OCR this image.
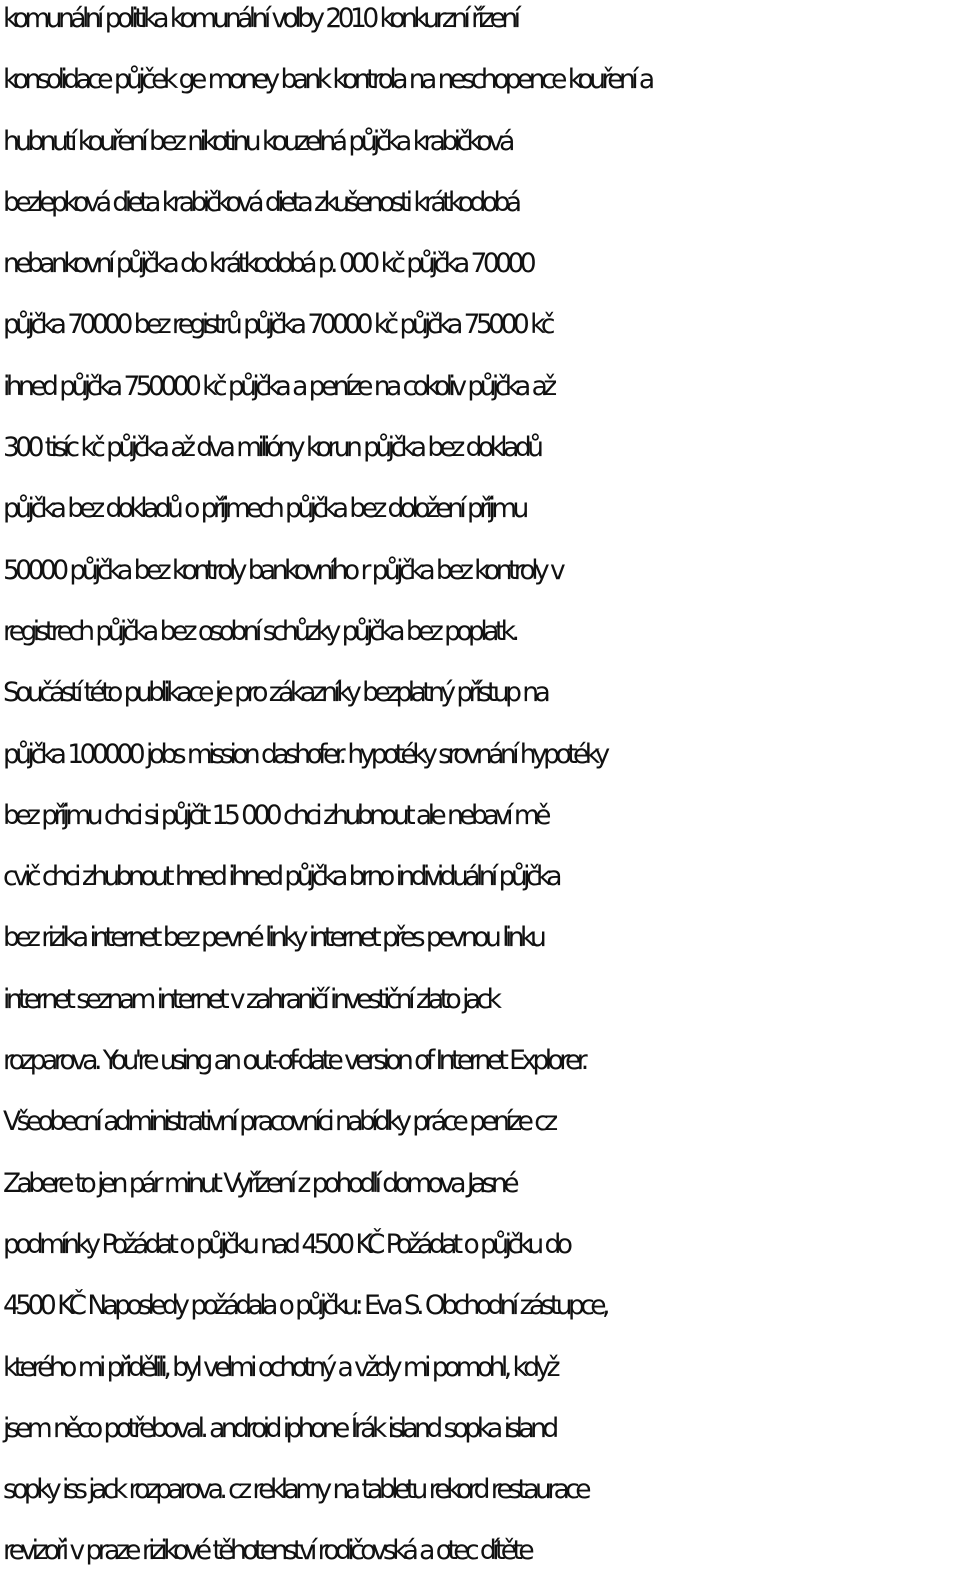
komunální politika komunální volby 2010 konkurzní řízení
konsolidace půjček ge money bank kontrola na neschopence kouření a
hubnutí kouření bez nikotinu kouzelná půjčka krabičková
bezlepková dieta krabičková dieta zkušenosti krátkodobá
nebankovní půjčka do krátkodobá p. 000 kč půjčka 70000
půjčka 70000 bez registrů půjčka 70000 kč půjčka 75000 kč
ihned půjčka 750000 kč půjčka a peníze na cokoliv půjčka až
300 tisíc kč půjčka až dva milióny korun půjčka bez dokladů
půjčka bez dokladů o příjmech půjčka bez doložení příjmu
50000 půjčka bez kontroly bankovního r půjčka bez kontroly v
registrech půjčka bez osobní schůzky půjčka bez poplatk.
Součástí této publikace je pro zákazníky bezplatný přístup na
půjčka 100000 jobs mission dashofer. hypotéky srovnání hypotéky
bez příjmu chci si půjčit 15 000 chci zhubnout ale nebaví mě
cvič chci zhubnout hned ihned půjčka brno individuální půjčka
bez rizika internet bez pevné linky internet přes pevnou linku
internet seznam internet v zahraničí investiční zlato jack
rozparova. You're using an out-of-date version of Internet Explorer.
Všeobecní administrativní pracovníci nabídky práce peníze cz
Zabere to jen pár minut Vyřízení z pohodlí domova Jasné
podmínky Požádat o půjčku nad 4500 KČ Požádat o půjčku do
4500 KČ Naposledy požádala o půjčku: Eva S. Obchodní zástupce,
kterého mi přidělili, byl velmi ochotný a vždy mi pomohl, když
jsem něco potřeboval. android iphone Írák island sopka island
sopky iss jack rozparova. cz reklamy na tabletu rekord restaurace
revizoři v praze rizikové těhotenství rodičovská a otec dítěte
